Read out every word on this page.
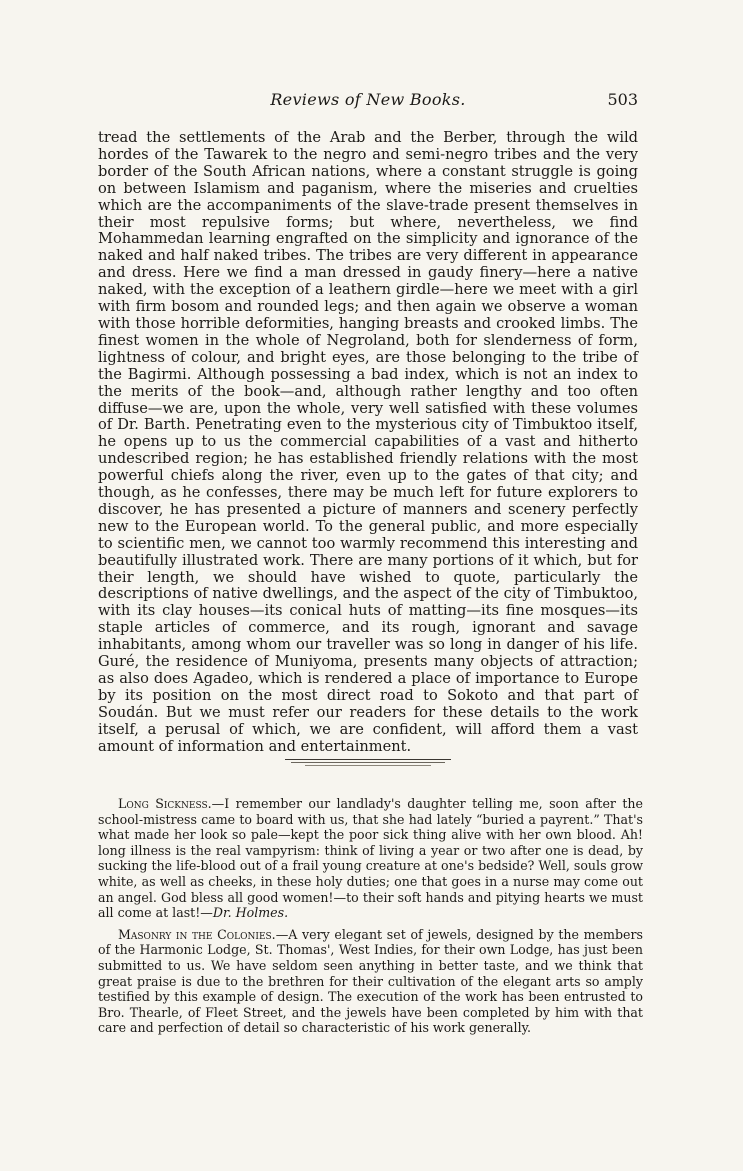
Reviews of New Books.	503

tread the settlements of the Arab and the Berber, through the wild hordes of the Tawarek to the negro and semi-negro tribes and the very border of the South African nations, where a constant struggle is going on between Islamism and paganism, where the miseries and cruelties which are the accompaniments of the slave-trade present themselves in their most repulsive forms; but where, nevertheless, we find Mohammedan learning engrafted on the simplicity and ignorance of the naked and half naked tribes. The tribes are very different in appearance and dress. Here we find a man dressed in gaudy finery—here a native naked, with the exception of a leathern girdle—here we meet with a girl with firm bosom and rounded legs; and then again we observe a woman with those horrible deformities, hanging breasts and crooked limbs. The finest women in the whole of Negroland, both for slenderness of form, lightness of colour, and bright eyes, are those belonging to the tribe of the Bagirmi. Although possessing a bad index, which is not an index to the merits of the book—and, although rather lengthy and too often diffuse—we are, upon the whole, very well satisfied with these volumes of Dr. Barth. Penetrating even to the mysterious city of Timbuktoo itself, he opens up to us the commercial capabilities of a vast and hitherto undescribed region; he has established friendly relations with the most powerful chiefs along the river, even up to the gates of that city; and though, as he confesses, there may be much left for future explorers to discover, he has presented a picture of manners and scenery perfectly new to the European world. To the general public, and more especially to scientific men, we cannot too warmly recommend this interesting and beautifully illustrated work. There are many portions of it which, but for their length, we should have wished to quote, particularly the descriptions of native dwellings, and the aspect of the city of Timbuktoo, with its clay houses—its conical huts of matting—its fine mosques—its staple articles of commerce, and its rough, ignorant and savage inhabitants, among whom our traveller was so long in danger of his life. Guré, the residence of Muniyoma, presents many objects of attraction; as also does Agadeo, which is rendered a place of importance to Europe by its position on the most direct road to Sokoto and that part of Soudán. But we must refer our readers for these details to the work itself, a perusal of which, we are confident, will afford them a vast amount of information and entertainment.

Long Sickness.—I remember our landlady's daughter telling me, soon after the school-mistress came to board with us, that she had lately “buried a payrent.” That's what made her look so pale—kept the poor sick thing alive with her own blood. Ah! long illness is the real vampyrism: think of living a year or two after one is dead, by sucking the life-blood out of a frail young creature at one's bedside? Well, souls grow white, as well as cheeks, in these holy duties; one that goes in a nurse may come out an angel. God bless all good women!—to their soft hands and pitying hearts we must all come at last!—Dr. Holmes.

Masonry in the Colonies.—A very elegant set of jewels, designed by the members of the Harmonic Lodge, St. Thomas', West Indies, for their own Lodge, has just been submitted to us. We have seldom seen anything in better taste, and we think that great praise is due to the brethren for their cultivation of the elegant arts so amply testified by this example of design. The execution of the work has been entrusted to Bro. Thearle, of Fleet Street, and the jewels have been completed by him with that care and perfection of detail so characteristic of his work generally.
